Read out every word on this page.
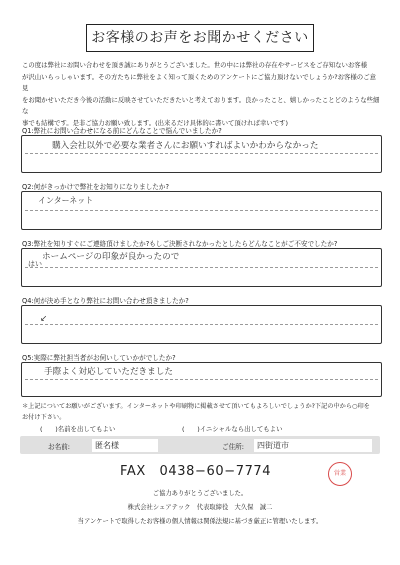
お客様のお声をお聞かせください
この度は弊社にお問い合わせを頂き誠にありがとうございました。世の中には弊社の存在やサービスをご存知ないお客様
が沢山いらっしゃいます。その方たちに弊社をよく知って頂くためのアンケートにご協力頂けないでしょうか?お客様のご意見
をお聞かせいただき今後の活動に反映させていただきたいと考えております。良かったこと、嬉しかったことどのような些細な
事でも結構です。是非ご協力お願い致します。(出来るだけ具体的に書いて頂ければ幸いです)
Q1:弊社にお問い合わせになる前にどんなことで悩んでいましたか?
購入会社以外で必要な業者さんにお願いすればよいかわからなかった
Q2:何がきっかけで弊社をお知りになりましたか?
インターネット
Q3:弊社を知りすぐにご連絡頂けましたか?もしご決断されなかったとしたらどんなことがご不安でしたか?
ホームページの印象が良かったので
はい
Q4:何が決め手となり弊社にお問い合わせ頂きましたか?
↙
Q5:実際に弊社担当者がお伺いしていかがでしたか?
手際よく対応していただきました
＊上記についてお願いがございます。インターネットや印刷物に掲載させて頂いてもよろしいでしょうか?下記の中から○印を
お付け下さい。
(　　)名前を出してもよい	(　　)イニシャルなら出してもよい
お名前:	匿名様	ご住所: 四街道市
FAX　0438−60−7774	営業
ご協力ありがとうございました。
株式会社シェアテック　代表取締役　大久保　誠二
当アンケートで取得したお客様の個人情報は関係法規に基づき厳正に管理いたします。
